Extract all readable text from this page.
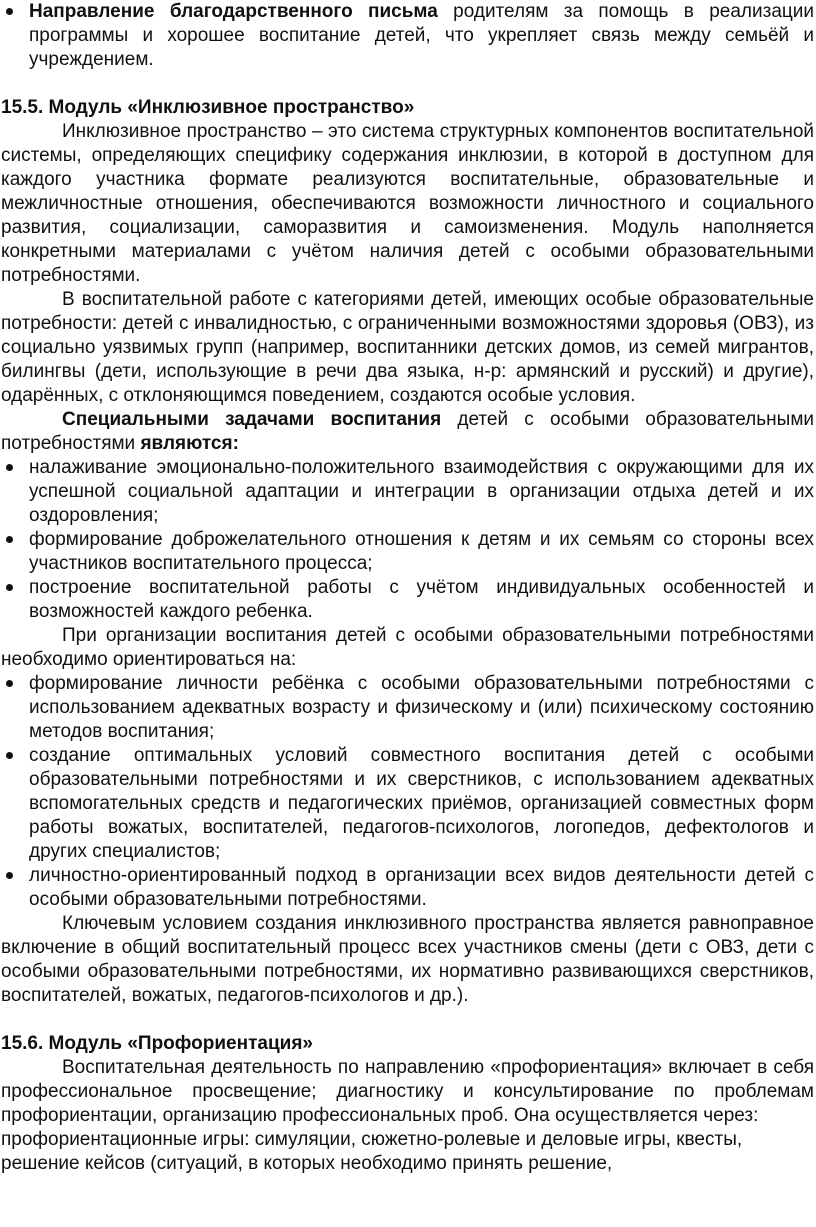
Направление благодарственного письма родителям за помощь в реализации программы и хорошее воспитание детей, что укрепляет связь между семьёй и учреждением.

15.5. Модуль «Инклюзивное пространство»

Инклюзивное пространство – это система структурных компонентов воспитательной системы, определяющих специфику содержания инклюзии, в которой в доступном для каждого участника формате реализуются воспитательные, образовательные и межличностные отношения, обеспечиваются возможности личностного и социального развития, социализации, саморазвития и самоизменения. Модуль наполняется конкретными материалами с учётом наличия детей с особыми образовательными потребностями.

В воспитательной работе с категориями детей, имеющих особые образовательные потребности: детей с инвалидностью, с ограниченными возможностями здоровья (ОВЗ), из социально уязвимых групп (например, воспитанники детских домов, из семей мигрантов, билингвы (дети, использующие в речи два языка, н-р: армянский и русский) и другие), одарённых, с отклоняющимся поведением, создаются особые условия.

Специальными задачами воспитания детей с особыми образовательными потребностями являются:

налаживание эмоционально-положительного взаимодействия с окружающими для их успешной социальной адаптации и интеграции в организации отдыха детей и их оздоровления;
формирование доброжелательного отношения к детям и их семьям со стороны всех участников воспитательного процесса;
построение воспитательной работы с учётом индивидуальных особенностей и возможностей каждого ребенка.

При организации воспитания детей с особыми образовательными потребностями необходимо ориентироваться на:

формирование личности ребёнка с особыми образовательными потребностями с использованием адекватных возрасту и физическому и (или) психическому состоянию методов воспитания;
создание оптимальных условий совместного воспитания детей с особыми образовательными потребностями и их сверстников, с использованием адекватных вспомогательных средств и педагогических приёмов, организацией совместных форм работы вожатых, воспитателей, педагогов-психологов, логопедов, дефектологов и других специалистов;
личностно-ориентированный подход в организации всех видов деятельности детей с особыми образовательными потребностями.

Ключевым условием создания инклюзивного пространства является равноправное включение в общий воспитательный процесс всех участников смены (дети с ОВЗ, дети с особыми образовательными потребностями, их нормативно развивающихся сверстников, воспитателей, вожатых, педагогов-психологов и др.).

15.6. Модуль «Профориентация»

Воспитательная деятельность по направлению «профориентация» включает в себя профессиональное просвещение; диагностику и консультирование по проблемам профориентации, организацию профессиональных проб. Она осуществляется через:

профориентационные игры: симуляции, сюжетно-ролевые и деловые игры, квесты,

решение кейсов (ситуаций, в которых необходимо принять решение,
